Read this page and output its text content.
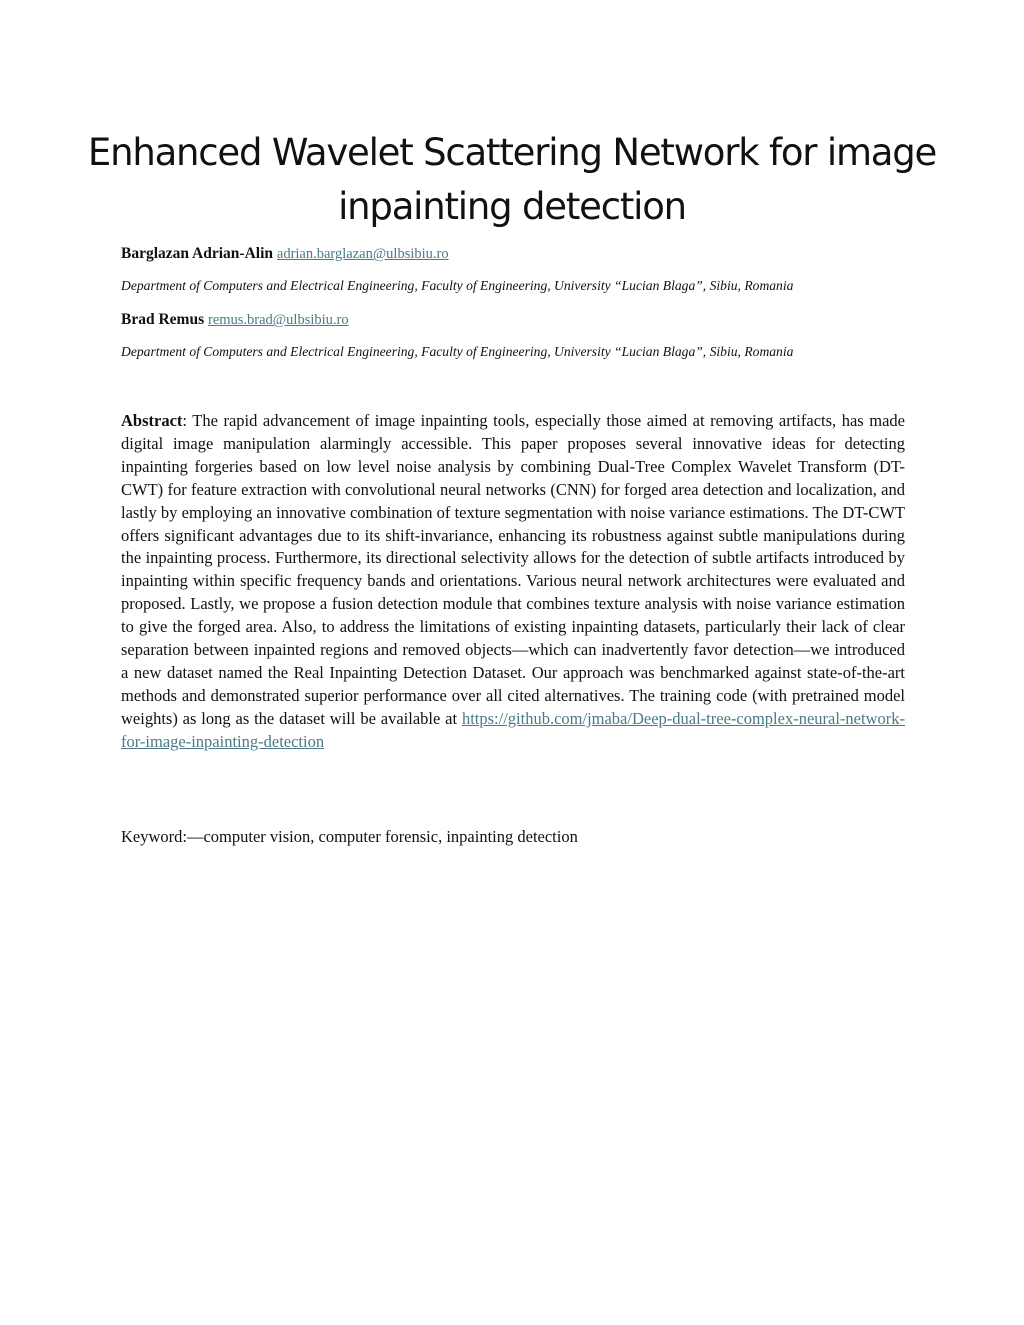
Enhanced Wavelet Scattering Network for image inpainting detection

Barglazan Adrian-Alin adrian.barglazan@ulbsibiu.ro

Department of Computers and Electrical Engineering, Faculty of Engineering, University “Lucian Blaga”, Sibiu, Romania

Brad Remus remus.brad@ulbsibiu.ro

Department of Computers and Electrical Engineering, Faculty of Engineering, University “Lucian Blaga”, Sibiu, Romania

Abstract: The rapid advancement of image inpainting tools, especially those aimed at removing artifacts, has made digital image manipulation alarmingly accessible. This paper proposes several innovative ideas for detecting inpainting forgeries based on low level noise analysis by combining Dual-Tree Complex Wavelet Transform (DT-CWT) for feature extraction with convolutional neural networks (CNN) for forged area detection and localization, and lastly by employing an innovative combination of texture segmentation with noise variance estimations. The DT-CWT offers significant advantages due to its shift-invariance, enhancing its robustness against subtle manipulations during the inpainting process. Furthermore, its directional selectivity allows for the detection of subtle artifacts introduced by inpainting within specific frequency bands and orientations. Various neural network architectures were evaluated and proposed. Lastly, we propose a fusion detection module that combines texture analysis with noise variance estimation to give the forged area. Also, to address the limitations of existing inpainting datasets, particularly their lack of clear separation between inpainted regions and removed objects—which can inadvertently favor detection—we introduced a new dataset named the Real Inpainting Detection Dataset. Our approach was benchmarked against state-of-the-art methods and demonstrated superior performance over all cited alternatives. The training code (with pretrained model weights) as long as the dataset will be available at https://github.com/jmaba/Deep-dual-tree-complex-neural-network-for-image-inpainting-detection

Keyword:—computer vision, computer forensic, inpainting detection
